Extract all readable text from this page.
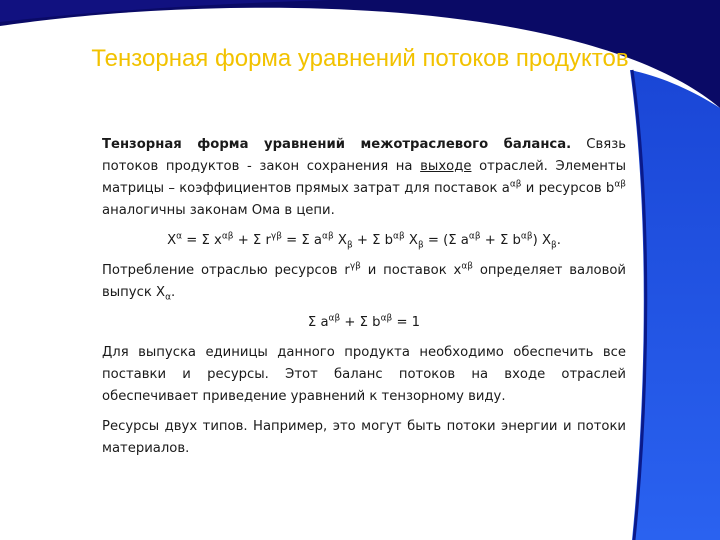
Тензорная форма уравнений потоков продуктов
Тензорная форма уравнений межотраслевого баланса. Связь потоков продуктов - закон сохранения на выходе отраслей. Элементы матрицы – коэффициентов прямых затрат для поставок $a^{\alpha\beta}$ и ресурсов $b^{\alpha\beta}$ аналогичны законам Ома в цепи.
$X^\alpha = \Sigma$ $x^{\alpha\beta} + \Sigma$ $r^{\gamma\beta} = \Sigma$ $a^{\alpha\beta}$ $X_\beta + \Sigma$ $b^{\alpha\beta}$ $X_\beta = (\Sigma$ $a^{\alpha\beta} + \Sigma$ $b^{\alpha\beta}$) $X_\beta$.
Потребление отраслью ресурсов $r^{\gamma\beta}$ и поставок $x^{\alpha\beta}$ определяет валовой выпуск $X_\alpha$.
Σ $a^{\alpha\beta} + \Sigma$ $b^{\alpha\beta} = 1$
Для выпуска единицы данного продукта необходимо обеспечить все поставки и ресурсы. Этот баланс потоков на входе отраслей обеспечивает приведение уравнений к тензорному виду.
Ресурсы двух типов. Например, это могут быть потоки энергии и потоки материалов.
